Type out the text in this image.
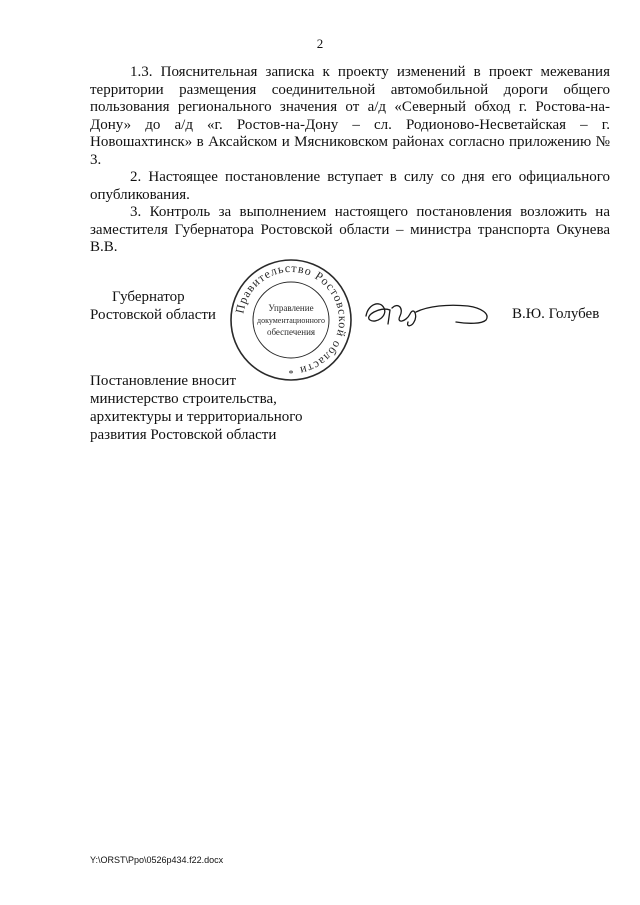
2

1.3. Пояснительная записка к проекту изменений в проект межевания территории размещения соединительной автомобильной дороги общего пользования регионального значения от а/д «Северный обход г. Ростова-на-Дону» до а/д «г. Ростов-на-Дону – сл. Родионово-Несветайская – г. Новошахтинск» в Аксайском и Мясниковском районах согласно приложению № 3.

2. Настоящее постановление вступает в силу со дня его официального опубликования.

3. Контроль за выполнением настоящего постановления возложить на заместителя Губернатора Ростовской области – министра транспорта Окунева В.В.

Губернатор
Ростовской области Правительство Ростовской области
Управление
документационного
обеспечения
*
В.Ю. Голубев
Постановление вносит
министерство строительства,
архитектуры и территориального
развития Ростовской области
Y:\ORST\Ppo\0526p434.f22.docx
